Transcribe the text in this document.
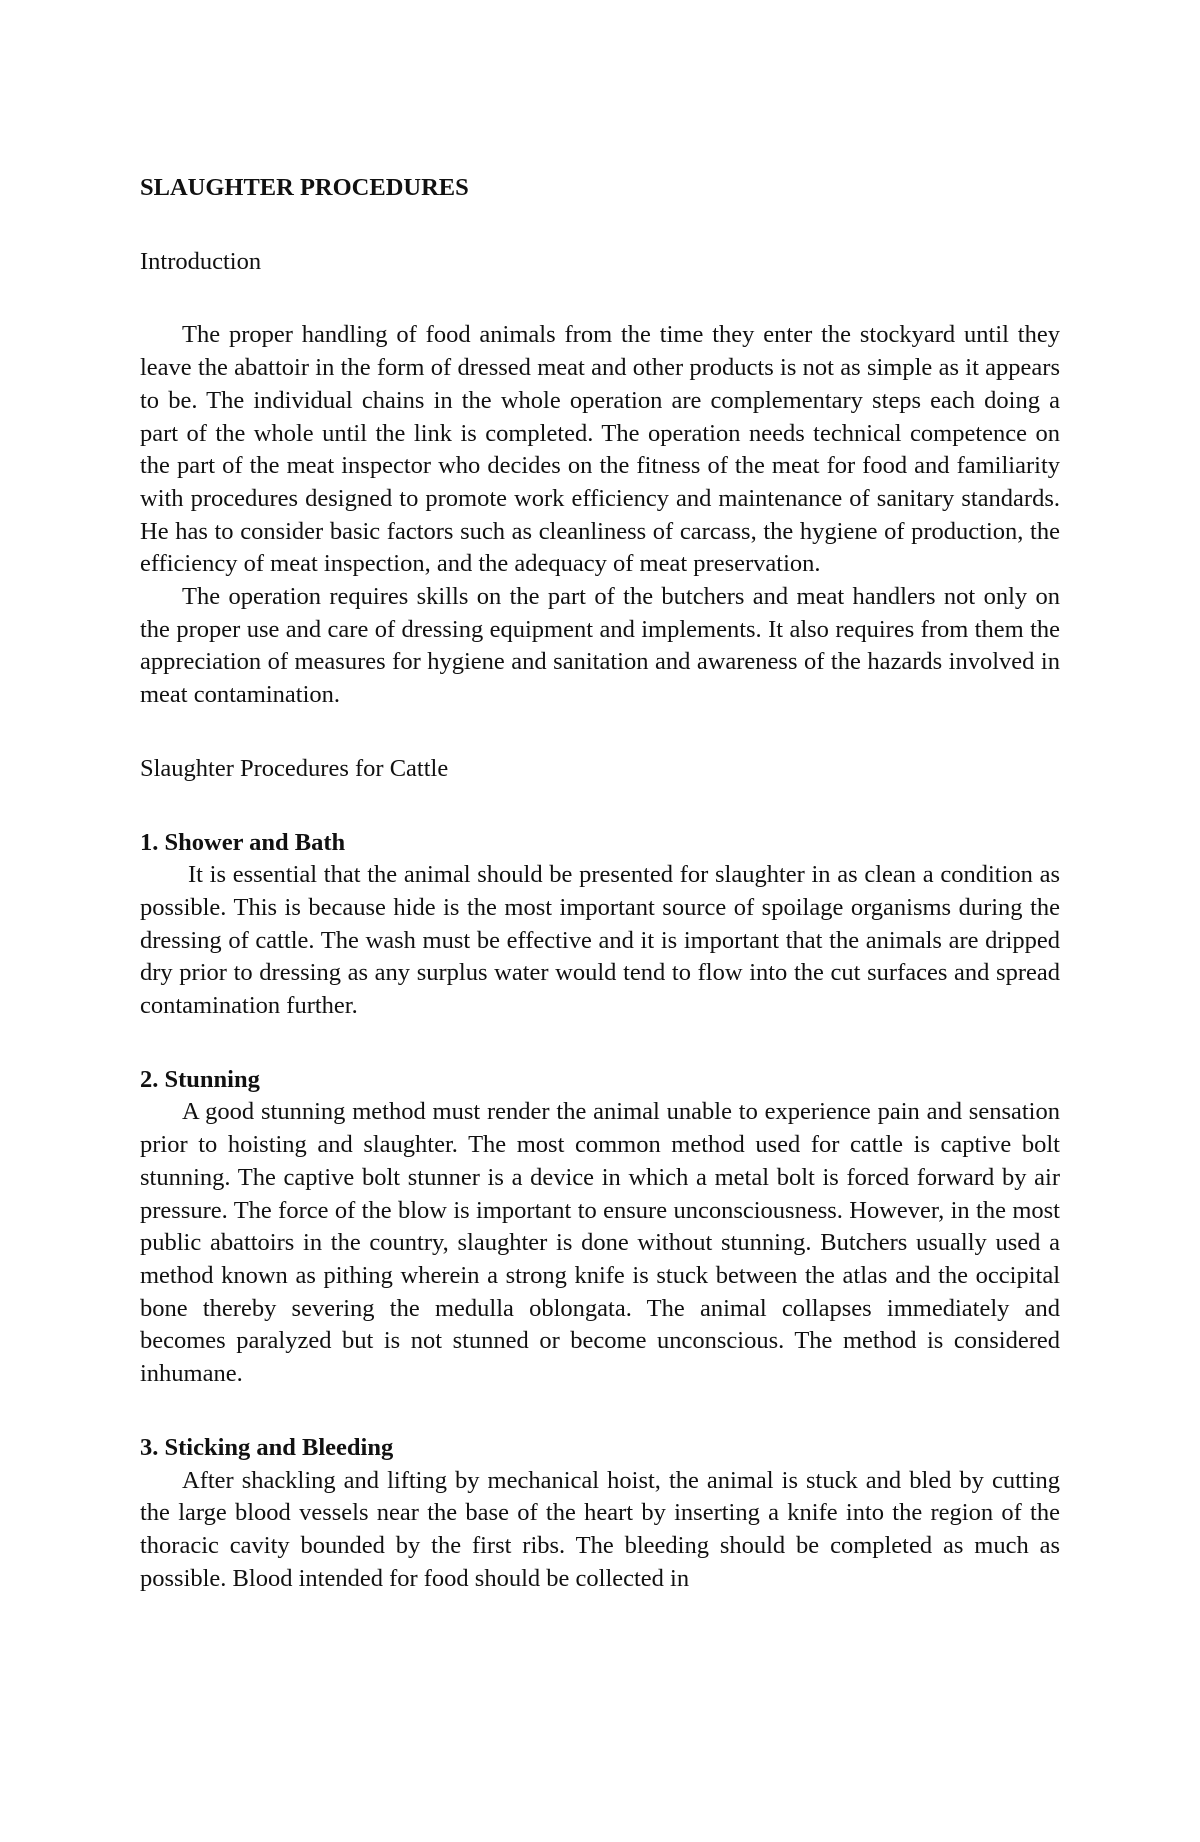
SLAUGHTER PROCEDURES
Introduction

The proper handling of food animals from the time they enter the stockyard until they leave the abattoir in the form of dressed meat and other products is not as simple as it appears to be. The individual chains in the whole operation are complementary steps each doing a part of the whole until the link is completed. The operation needs technical competence on the part of the meat inspector who decides on the fitness of the meat for food and familiarity with procedures designed to promote work efficiency and maintenance of sanitary standards. He has to consider basic factors such as cleanliness of carcass, the hygiene of production, the efficiency of meat inspection, and the adequacy of meat preservation.

The operation requires skills on the part of the butchers and meat handlers not only on the proper use and care of dressing equipment and implements. It also requires from them the appreciation of measures for hygiene and sanitation and awareness of the hazards involved in meat contamination.

Slaughter Procedures for Cattle
1. Shower and Bath

It is essential that the animal should be presented for slaughter in as clean a condition as possible. This is because hide is the most important source of spoilage organisms during the dressing of cattle. The wash must be effective and it is important that the animals are dripped dry prior to dressing as any surplus water would tend to flow into the cut surfaces and spread contamination further.

2. Stunning

A good stunning method must render the animal unable to experience pain and sensation prior to hoisting and slaughter. The most common method used for cattle is captive bolt stunning. The captive bolt stunner is a device in which a metal bolt is forced forward by air pressure. The force of the blow is important to ensure unconsciousness. However, in the most public abattoirs in the country, slaughter is done without stunning. Butchers usually used a method known as pithing wherein a strong knife is stuck between the atlas and the occipital bone thereby severing the medulla oblongata. The animal collapses immediately and becomes paralyzed but is not stunned or become unconscious. The method is considered inhumane.

3. Sticking and Bleeding

After shackling and lifting by mechanical hoist, the animal is stuck and bled by cutting the large blood vessels near the base of the heart by inserting a knife into the region of the thoracic cavity bounded by the first ribs. The bleeding should be completed as much as possible. Blood intended for food should be collected in
